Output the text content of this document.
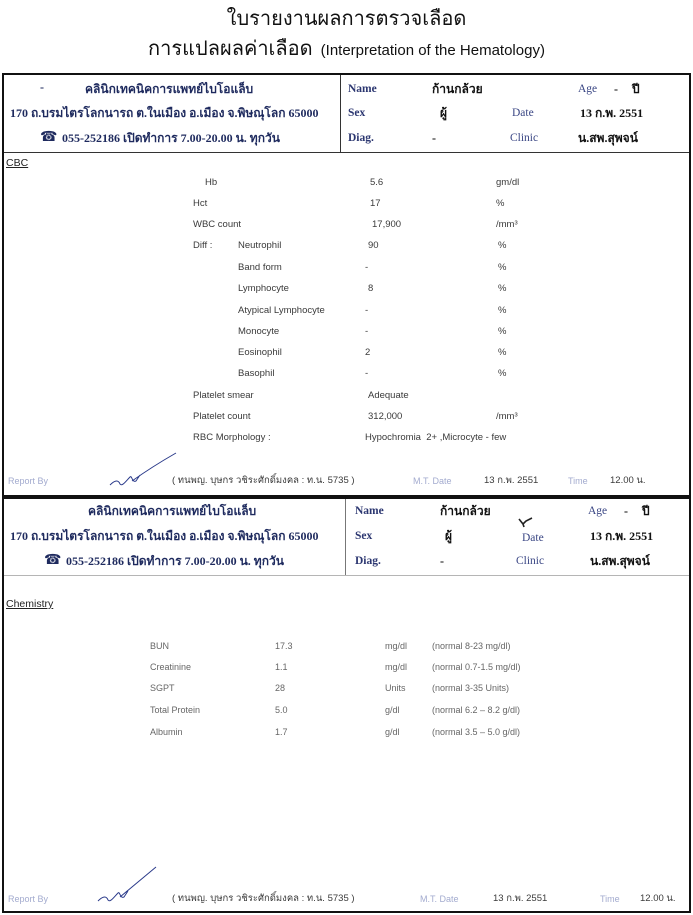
ใบรายงานผลการตรวจเลือด
การแปลผลค่าเลือด (Interpretation of the Hematology)
-	คลินิกเทคนิคการแพทย์ไบโอแล็บ
170 ถ.บรมไตรโลกนารถ ต.ในเมือง อ.เมือง จ.พิษณุโลก 65000
☎
055-252186 เปิดทำการ 7.00-20.00 น. ทุกวัน
Name	ก้านกล้วย	Age - ปี
Sex	ผู้	Date	13 ก.พ. 2551
Diag.	-	Clinic	น.สพ.สุพจน์
CBC
Hb	5.6	gm/dl
Hct	17	%
WBC count	17,900	/mm³
Diff :	Neutrophil	90	%
Band form	-	%
Lymphocyte	8	%
Atypical Lymphocyte	-	%
Monocyte	-	%
Eosinophil	2	%
Basophil	-	%
Platelet smear	Adequate
Platelet count	312,000	/mm³
RBC Morphology :	Hypochromia  2+ ,Microcyte - few
Report By	( ทนพญ. บุษกร วชิระศักดิ์มงคล : ท.น. 5735 )	M.T. Date	13 ก.พ. 2551	Time 12.00 น.
คลินิกเทคนิคการแพทย์ไบโอแล็บ
170 ถ.บรมไตรโลกนารถ ต.ในเมือง อ.เมือง จ.พิษณุโลก 65000
☎
055-252186 เปิดทำการ 7.00-20.00 น. ทุกวัน
Name	ก้านกล้วย	Age - ปี
Sex	ผู้	Date	13 ก.พ. 2551
Diag.	-	Clinic	น.สพ.สุพจน์
Chemistry
BUN	17.3	mg/dl	(normal 8-23 mg/dl)
Creatinine	1.1	mg/dl	(normal 0.7-1.5 mg/dl)
SGPT	28	Units	(normal 3-35 Units)
Total Protein	5.0	g/dl	(normal 6.2 – 8.2 g/dl)
Albumin	1.7	g/dl	(normal 3.5 – 5.0 g/dl)
Report By	( ทนพญ. บุษกร วชิระศักดิ์มงคล : ท.น. 5735 )	M.T. Date	13 ก.พ. 2551	Time 12.00 น.
